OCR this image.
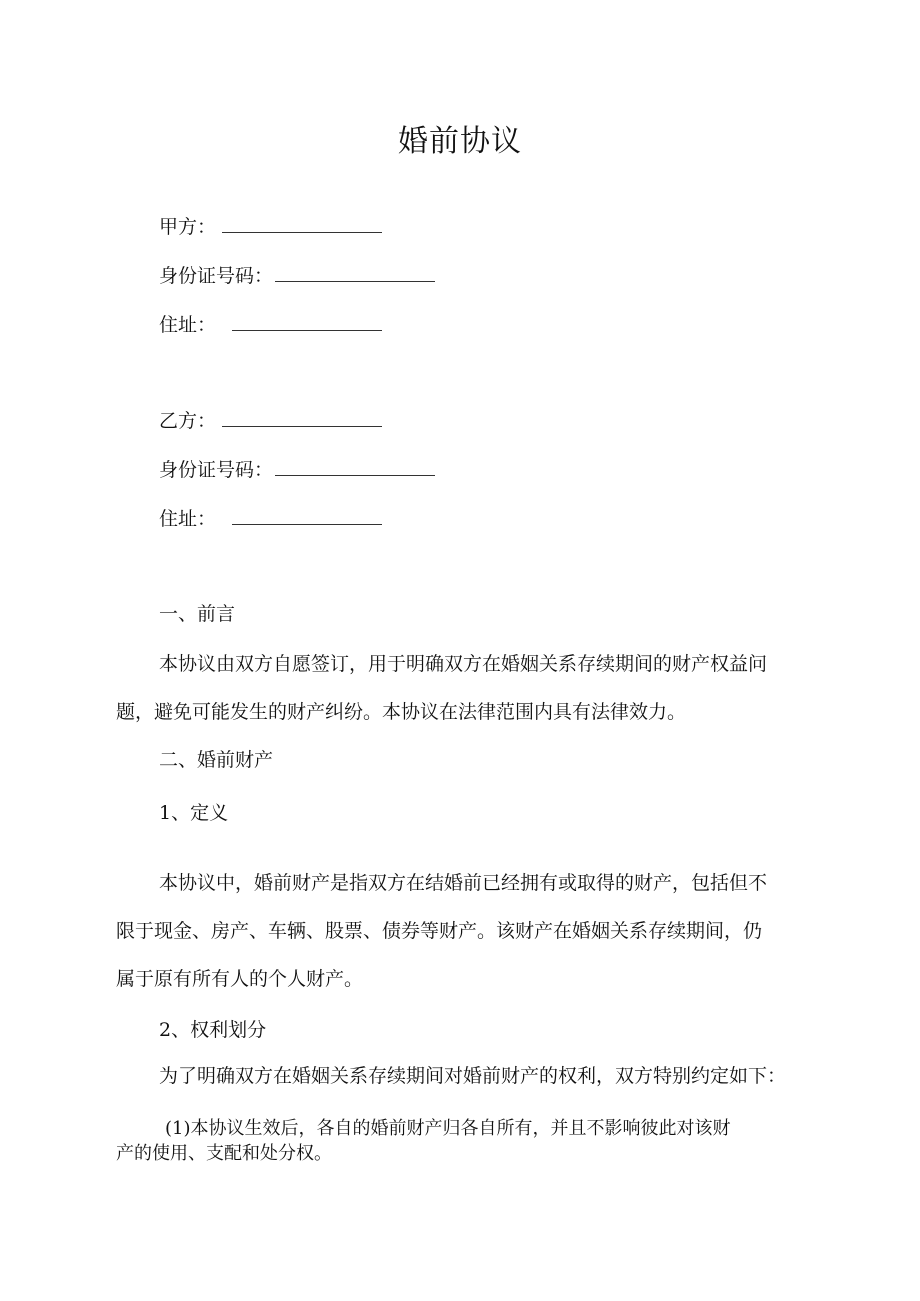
婚前协议
甲方：
身份证号码：
住址：
乙方：
身份证号码：
住址：

一、前言

本协议由双方自愿签订，用于明确双方在婚姻关系存续期间的财产权益问

题，避免可能发生的财产纠纷。本协议在法律范围内具有法律效力。

二、婚前财产

1、定义

本协议中，婚前财产是指双方在结婚前已经拥有或取得的财产，包括但不

限于现金、房产、车辆、股票、债券等财产。该财产在婚姻关系存续期间，仍

属于原有所有人的个人财产。

2、权利划分

为了明确双方在婚姻关系存续期间对婚前财产的权利，双方特别约定如下：

(1)本协议生效后，各自的婚前财产归各自所有，并且不影响彼此对该财

产的使用、支配和处分权。
